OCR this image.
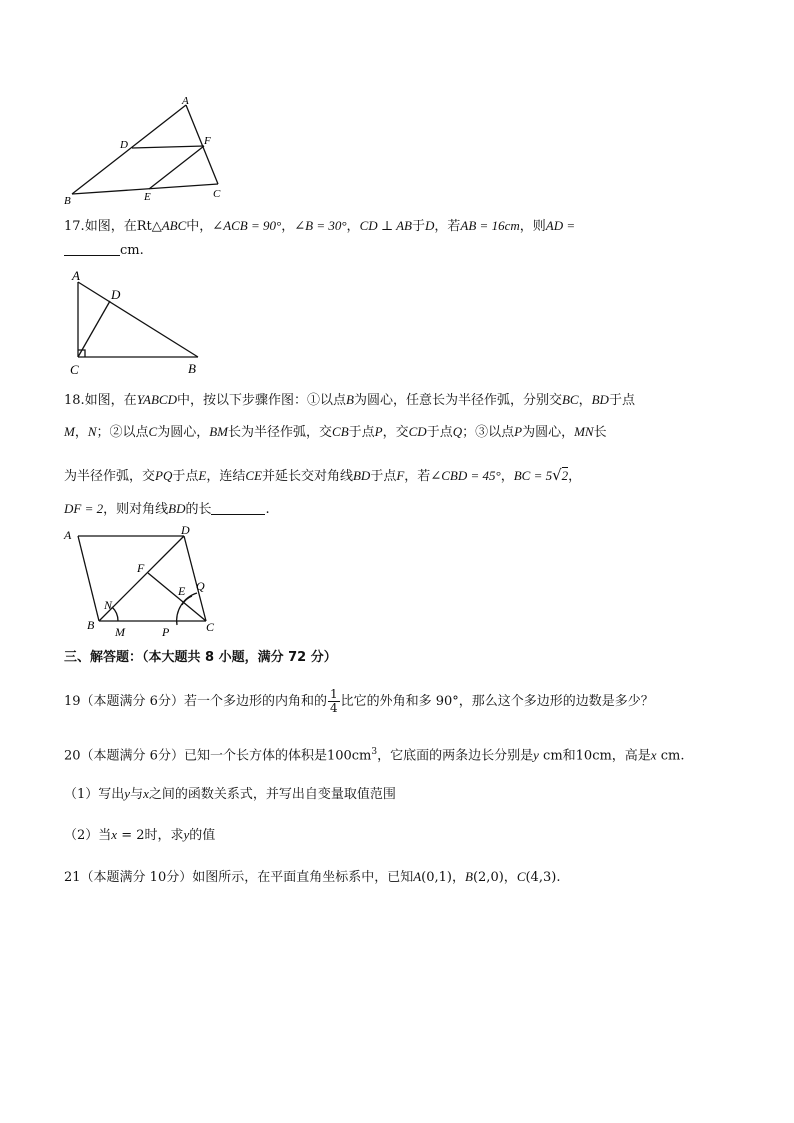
A
B
C
D
E
F
17.如图，在Rt△ABC中，∠ACB = 90°，∠B = 30°，CD ⊥ AB于D，若AB = 16cm，则AD =
cm.
A
D
C	B
18.如图，在YABCD中，按以下步骤作图：①以点B为圆心，任意长为半径作弧，分别交BC，BD于点
M，N；②以点C为圆心，BM长为半径作弧，交CB于点P，交CD于点Q；③以点P为圆心，MN长
为半径作弧，交PQ于点E，连结CE并延长交对角线BD于点F，若∠CBD = 45°，BC = 5√2，
DF = 2，则对角线BD的长	.
A	D
F
E Q
N
B M	P	C
三、解答题：（本大题共 8 小题，满分 72 分）
19（本题满分 6分）若一个多边形的内角和的 $\frac{1}{4}$ 比它的外角和多 90°，那么这个多边形的边数是多少？
20（本题满分 6分）已知一个长方体的体积是$100cm^3$，它底面的两条边长分别是y cm和10cm，高是x cm.
（1）写出y与x之间的函数关系式，并写出自变量取值范围
（2）当x = 2时，求y的值
21（本题满分 10分）如图所示，在平面直角坐标系中，已知A(0,1)，B(2,0)，C(4,3).
